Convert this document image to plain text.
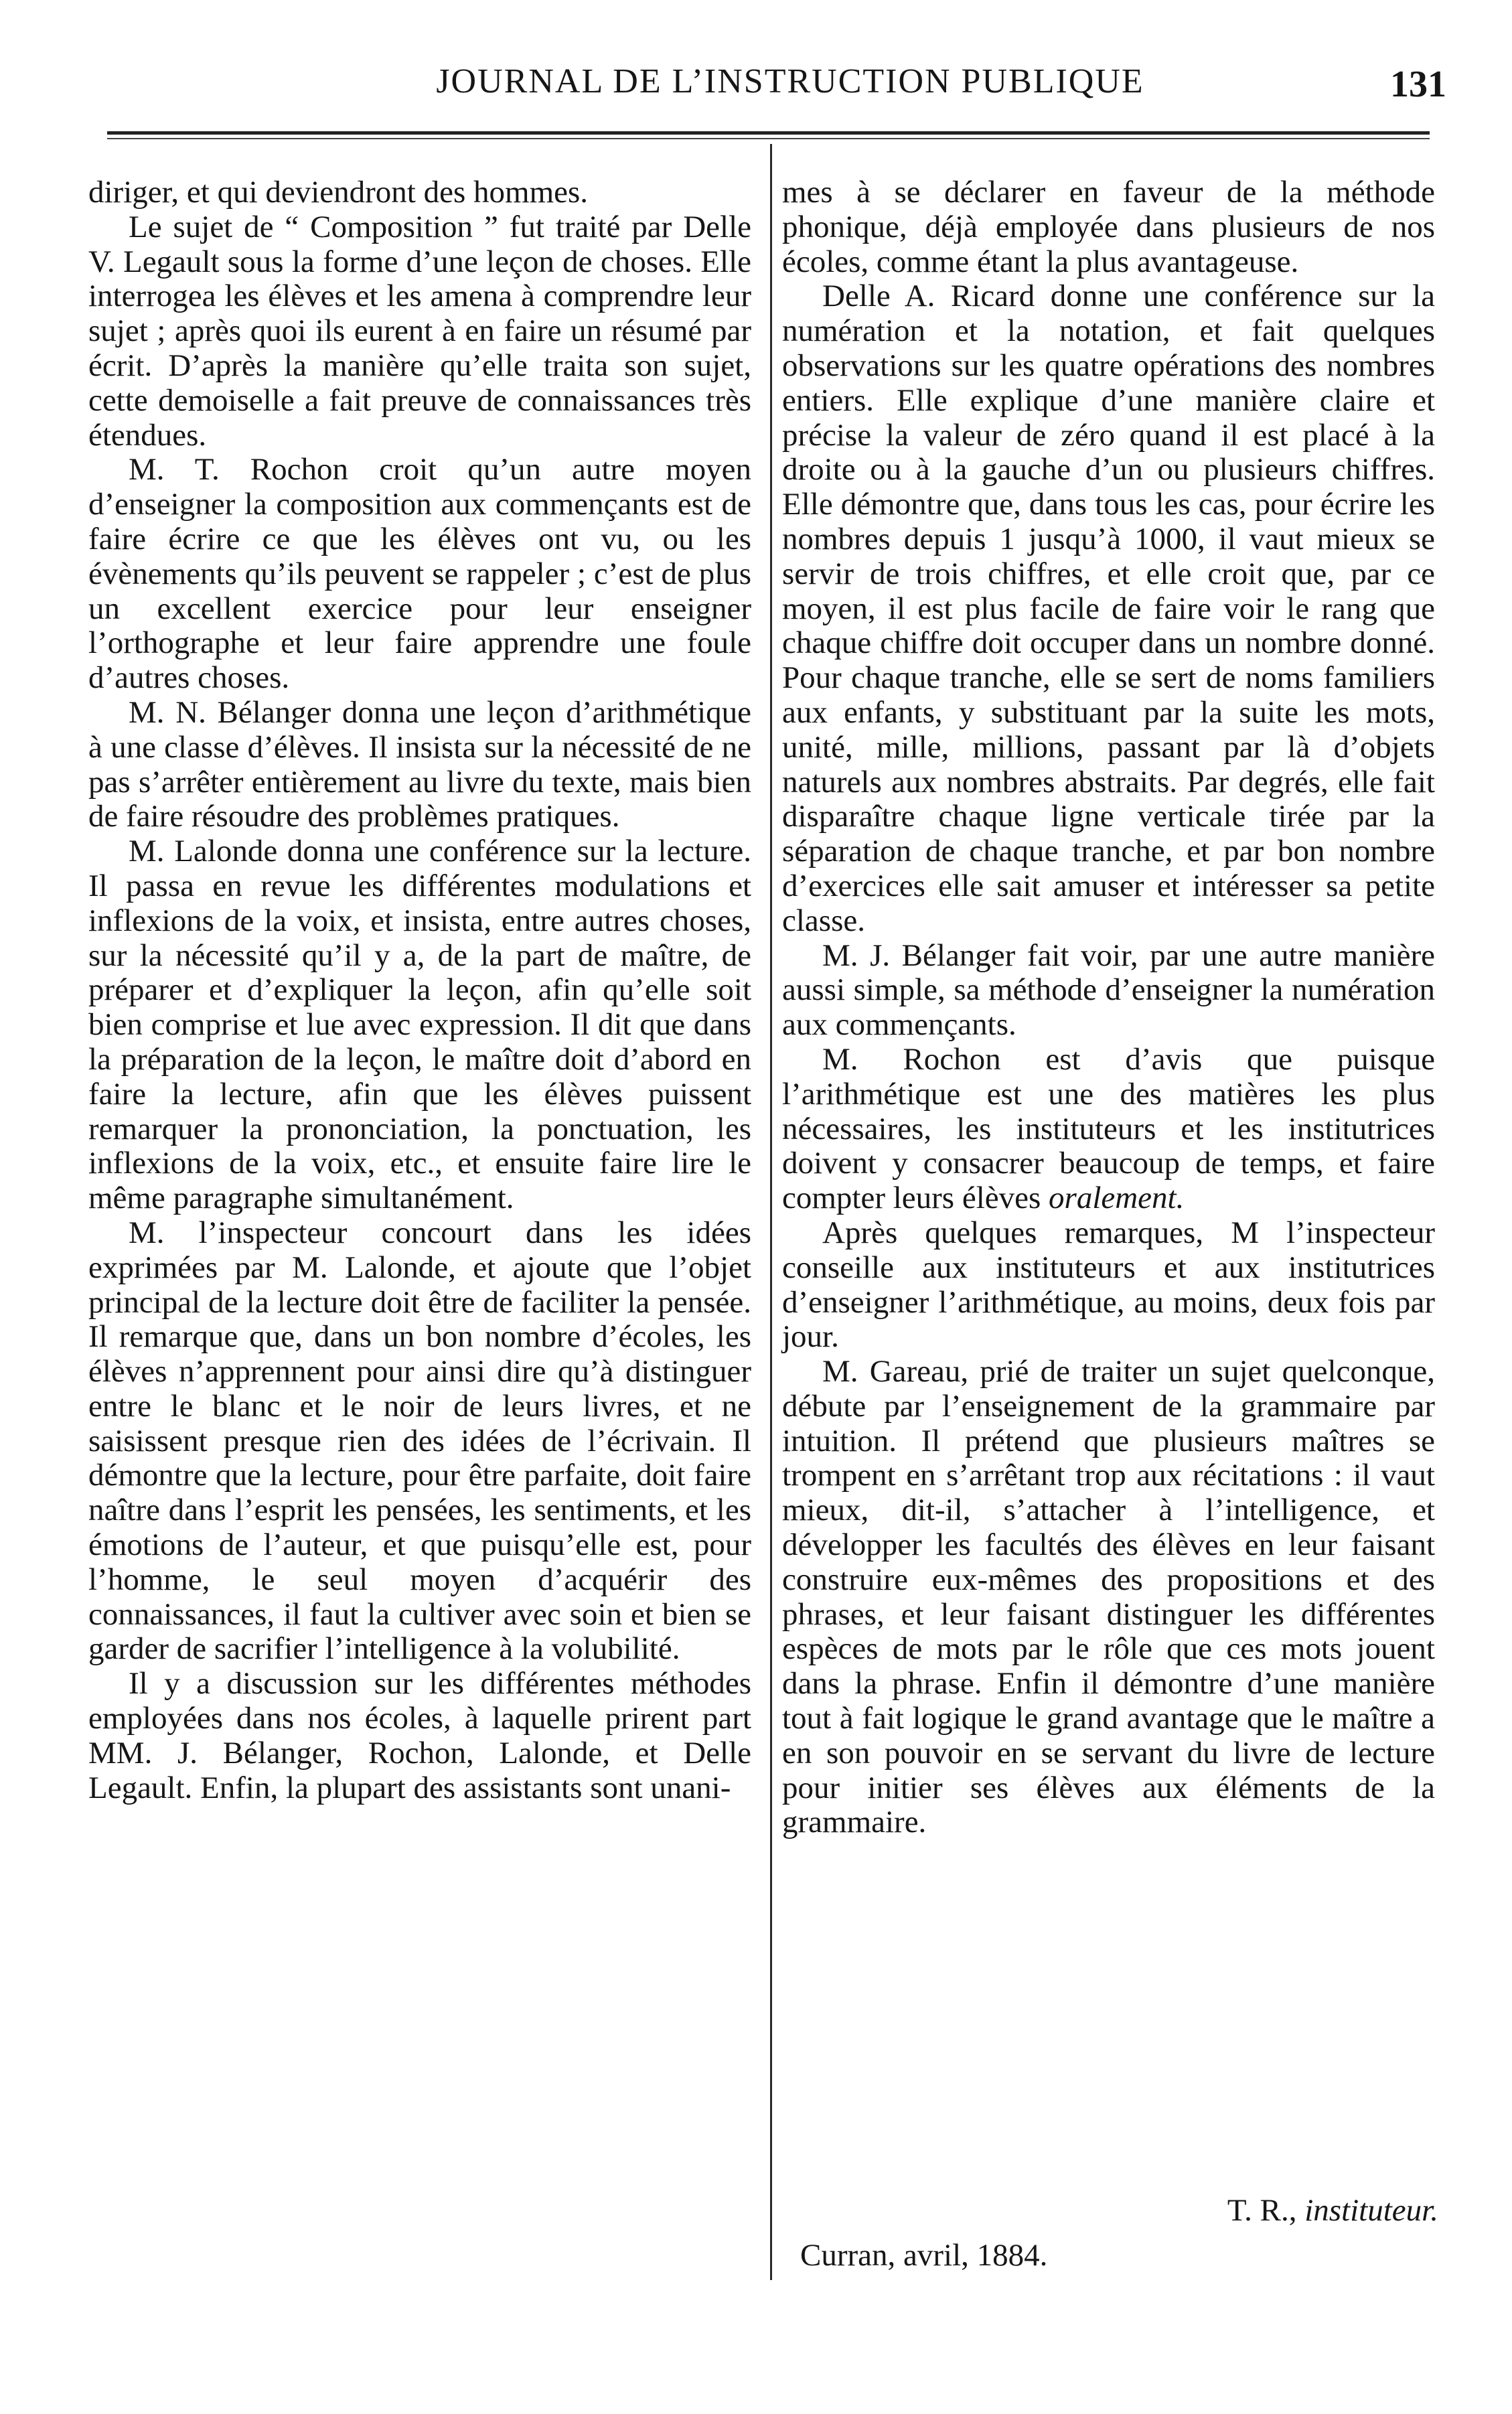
JOURNAL DE L’INSTRUCTION PUBLIQUE	131

diriger, et qui deviendront des hommes.

Le sujet de “ Composition ” fut traité par Delle V. Legault sous la forme d’une leçon de choses. Elle interrogea les élèves et les amena à comprendre leur sujet ; après quoi ils eurent à en faire un résumé par écrit. D’après la manière qu’elle traita son sujet, cette demoiselle a fait preuve de connaissances très étendues.

M. T. Rochon croit qu’un autre moyen d’enseigner la composition aux commençants est de faire écrire ce que les élèves ont vu, ou les évènements qu’ils peuvent se rappeler ; c’est de plus un excellent exercice pour leur enseigner l’orthographe et leur faire apprendre une foule d’autres choses.

M. N. Bélanger donna une leçon d’arithmétique à une classe d’élèves. Il insista sur la nécessité de ne pas s’arrêter entièrement au livre du texte, mais bien de faire résoudre des problèmes pratiques.

M. Lalonde donna une conférence sur la lecture. Il passa en revue les différentes modulations et inflexions de la voix, et insista, entre autres choses, sur la nécessité qu’il y a, de la part de maître, de préparer et d’expliquer la leçon, afin qu’elle soit bien comprise et lue avec expression. Il dit que dans la préparation de la leçon, le maître doit d’abord en faire la lecture, afin que les élèves puissent remarquer la prononciation, la ponctuation, les inflexions de la voix, etc., et ensuite faire lire le même paragraphe simultanément.

M. l’inspecteur concourt dans les idées exprimées par M. Lalonde, et ajoute que l’objet principal de la lecture doit être de faciliter la pensée. Il remarque que, dans un bon nombre d’écoles, les élèves n’apprennent pour ainsi dire qu’à distinguer entre le blanc et le noir de leurs livres, et ne saisissent presque rien des idées de l’écrivain. Il démontre que la lecture, pour être parfaite, doit faire naître dans l’esprit les pensées, les sentiments, et les émotions de l’auteur, et que puisqu’elle est, pour l’homme, le seul moyen d’acquérir des connaissances, il faut la cultiver avec soin et bien se garder de sacrifier l’intelligence à la volubilité.

Il y a discussion sur les différentes méthodes employées dans nos écoles, à laquelle prirent part MM. J. Bélanger, Rochon, Lalonde, et Delle Legault. Enfin, la plupart des assistants sont unani-

mes à se déclarer en faveur de la méthode phonique, déjà employée dans plusieurs de nos écoles, comme étant la plus avantageuse.

Delle A. Ricard donne une conférence sur la numération et la notation, et fait quelques observations sur les quatre opérations des nombres entiers. Elle explique d’une manière claire et précise la valeur de zéro quand il est placé à la droite ou à la gauche d’un ou plusieurs chiffres. Elle démontre que, dans tous les cas, pour écrire les nombres depuis 1 jusqu’à 1000, il vaut mieux se servir de trois chiffres, et elle croit que, par ce moyen, il est plus facile de faire voir le rang que chaque chiffre doit occuper dans un nombre donné. Pour chaque tranche, elle se sert de noms familiers aux enfants, y substituant par la suite les mots, unité, mille, millions, passant par là d’objets naturels aux nombres abstraits. Par degrés, elle fait disparaître chaque ligne verticale tirée par la séparation de chaque tranche, et par bon nombre d’exercices elle sait amuser et intéresser sa petite classe.

M. J. Bélanger fait voir, par une autre manière aussi simple, sa méthode d’enseigner la numération aux commençants.

M. Rochon est d’avis que puisque l’arithmétique est une des matières les plus nécessaires, les instituteurs et les institutrices doivent y consacrer beaucoup de temps, et faire compter leurs élèves oralement.

Après quelques remarques, M l’inspecteur conseille aux instituteurs et aux institutrices d’enseigner l’arithmétique, au moins, deux fois par jour.

M. Gareau, prié de traiter un sujet quelconque, débute par l’enseignement de la grammaire par intuition. Il prétend que plusieurs maîtres se trompent en s’arrêtant trop aux récitations : il vaut mieux, dit-il, s’attacher à l’intelligence, et développer les facultés des élèves en leur faisant construire eux-mêmes des propositions et des phrases, et leur faisant distinguer les différentes espèces de mots par le rôle que ces mots jouent dans la phrase. Enfin il démontre d’une manière tout à fait logique le grand avantage que le maître a en son pouvoir en se servant du livre de lecture pour initier ses élèves aux éléments de la grammaire.

T. R., instituteur.
Curran, avril, 1884.
